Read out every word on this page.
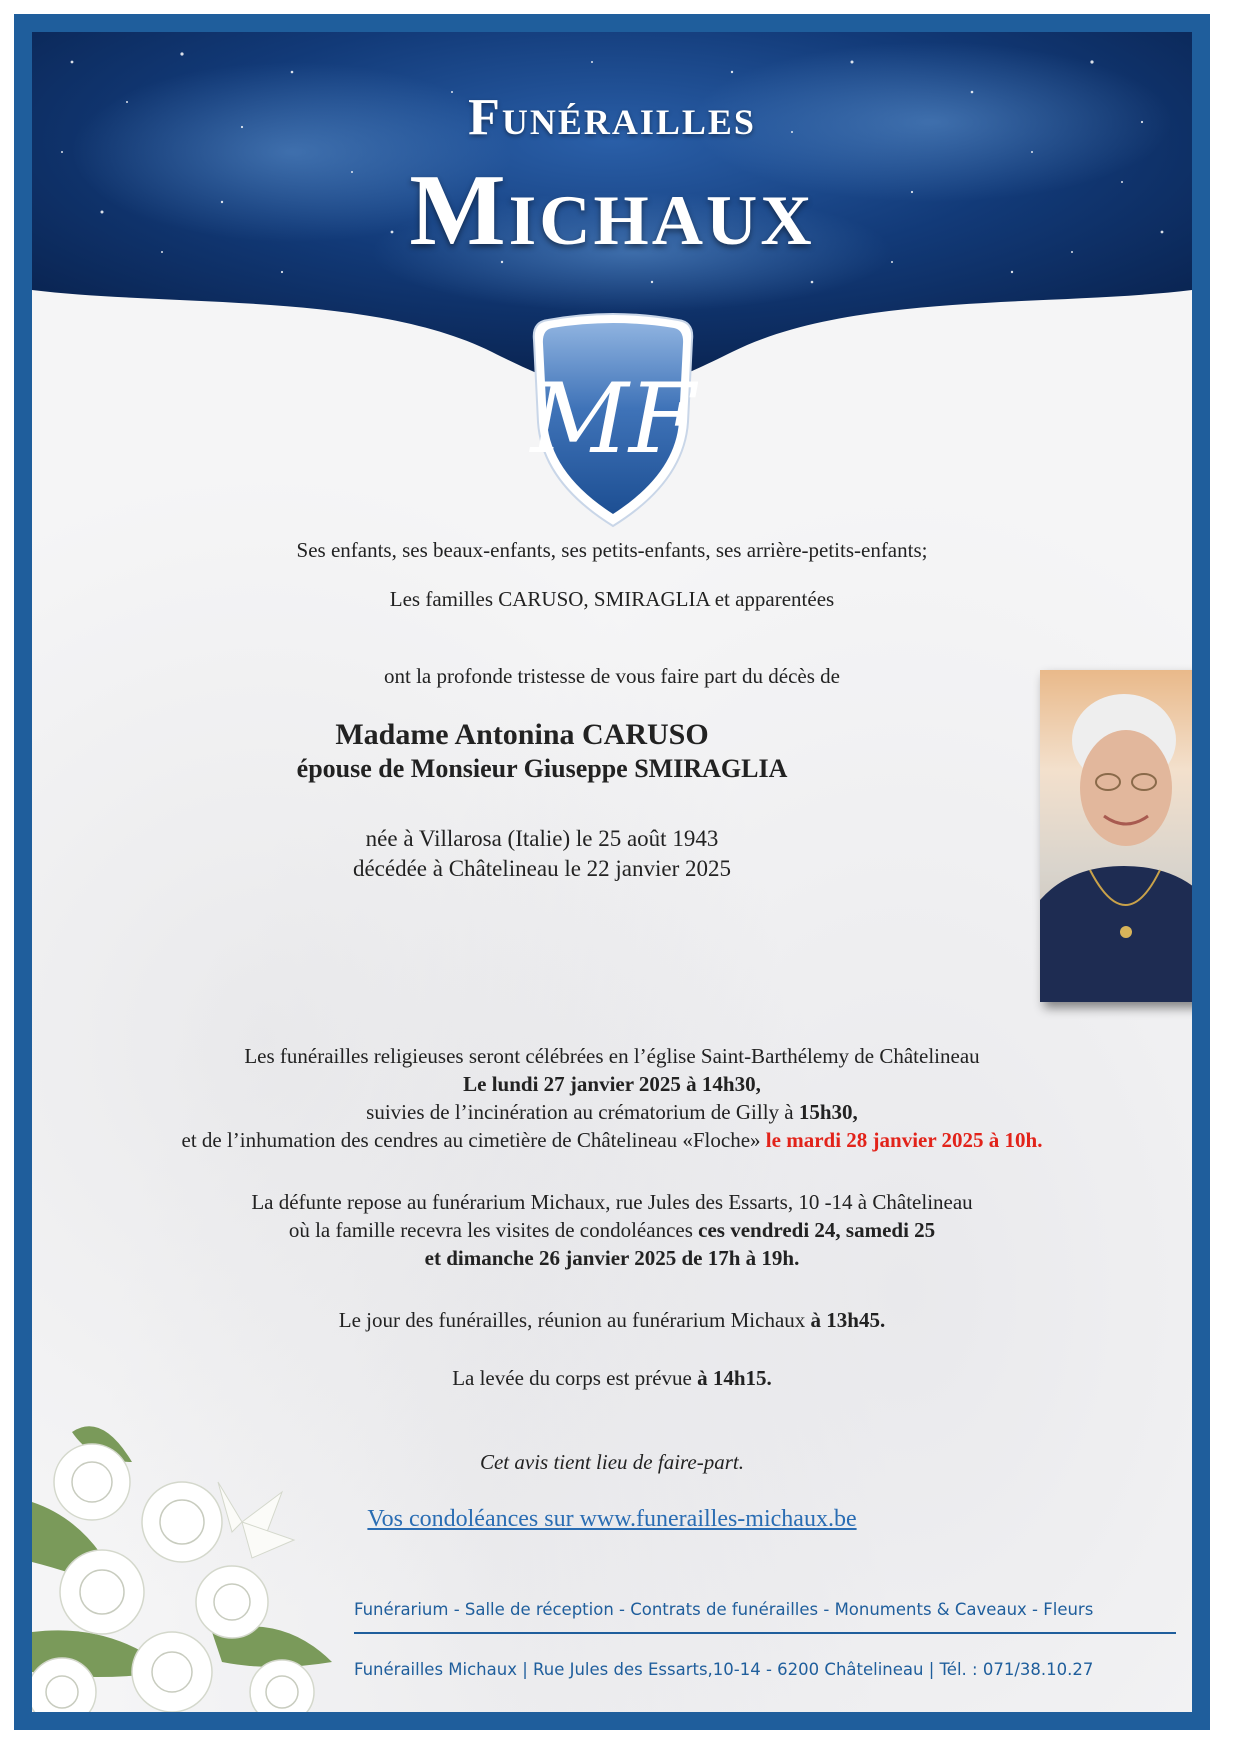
Funérailles
Michaux
MF
Ses enfants, ses beaux-enfants, ses petits-enfants, ses arrière-petits-enfants;
Les familles CARUSO, SMIRAGLIA et apparentées
ont la profonde tristesse de vous faire part du décès de
Madame Antonina CARUSO
épouse de Monsieur Giuseppe SMIRAGLIA
née à Villarosa (Italie) le 25 août 1943
décédée à Châtelineau le 22 janvier 2025
Les funérailles religieuses seront célébrées en l’église Saint-Barthélemy de Châtelineau
Le lundi 27 janvier 2025 à 14h30,
suivies de l’incinération au crématorium de Gilly à 15h30,
et de l’inhumation des cendres au cimetière de Châtelineau «Floche» le mardi 28 janvier 2025 à 10h.
La défunte repose au funérarium Michaux, rue Jules des Essarts, 10 -14 à Châtelineau
où la famille recevra les visites de condoléances ces vendredi 24, samedi 25
et dimanche 26 janvier 2025 de 17h à 19h.
Le jour des funérailles, réunion au funérarium Michaux à 13h45.
La levée du corps est prévue à 14h15.
Cet avis tient lieu de faire-part.
Vos condoléances sur www.funerailles-michaux.be
Funérarium - Salle de réception - Contrats de funérailles - Monuments & Caveaux - Fleurs
Funérailles Michaux | Rue Jules des Essarts,10-14 - 6200 Châtelineau | Tél. : 071/38.10.27
